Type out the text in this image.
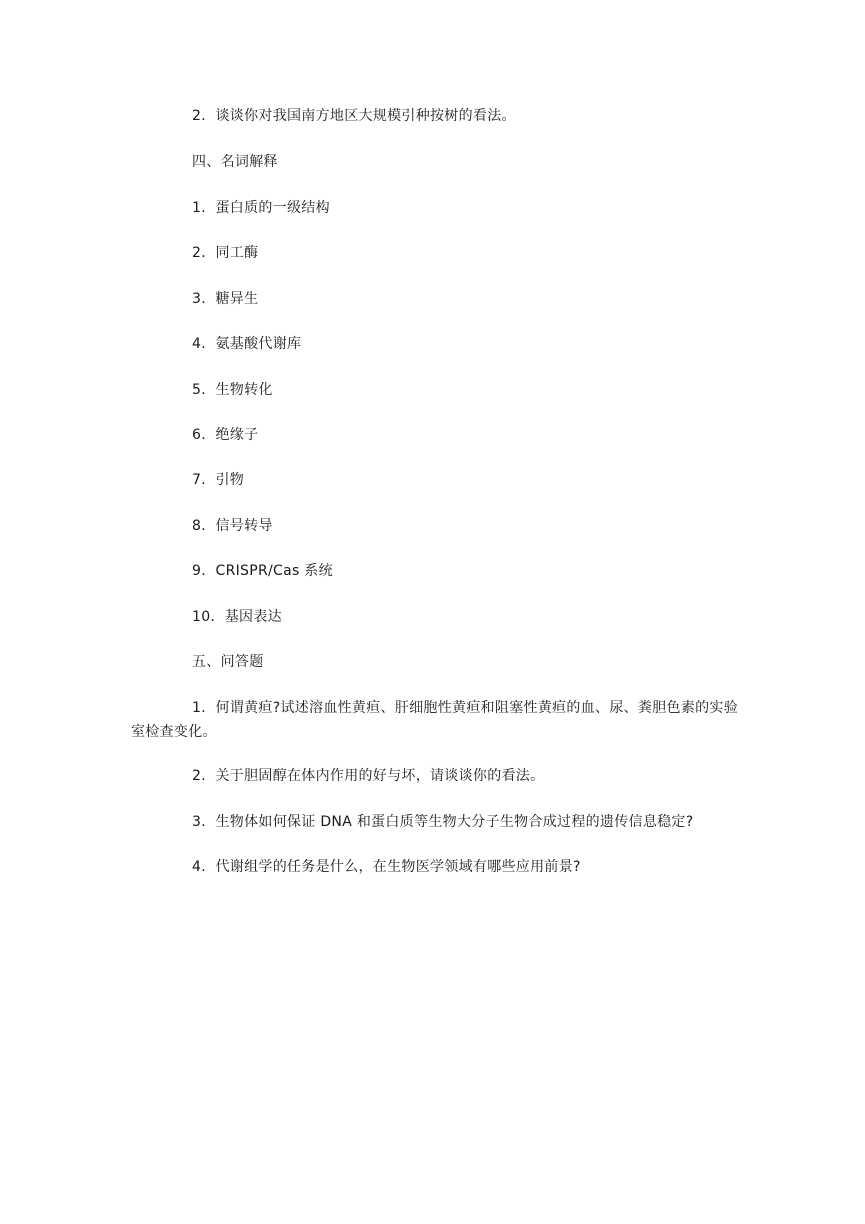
2．谈谈你对我国南方地区大规模引种按树的看法。
四、名词解释
1．蛋白质的一级结构
2．同工酶
3．糖异生
4．氨基酸代谢库
5．生物转化
6．绝缘子
7．引物
8．信号转导
9．CRISPR/Cas 系统
10．基因表达
五、问答题
1．何谓黄疸?试述溶血性黄疸、肝细胞性黄疸和阻塞性黄疸的血、尿、粪胆色素的实验室检查变化。
2．关于胆固醇在体内作用的好与坏，请谈谈你的看法。
3．生物体如何保证 DNA 和蛋白质等生物大分子生物合成过程的遗传信息稳定?
4．代谢组学的任务是什么，在生物医学领域有哪些应用前景?
